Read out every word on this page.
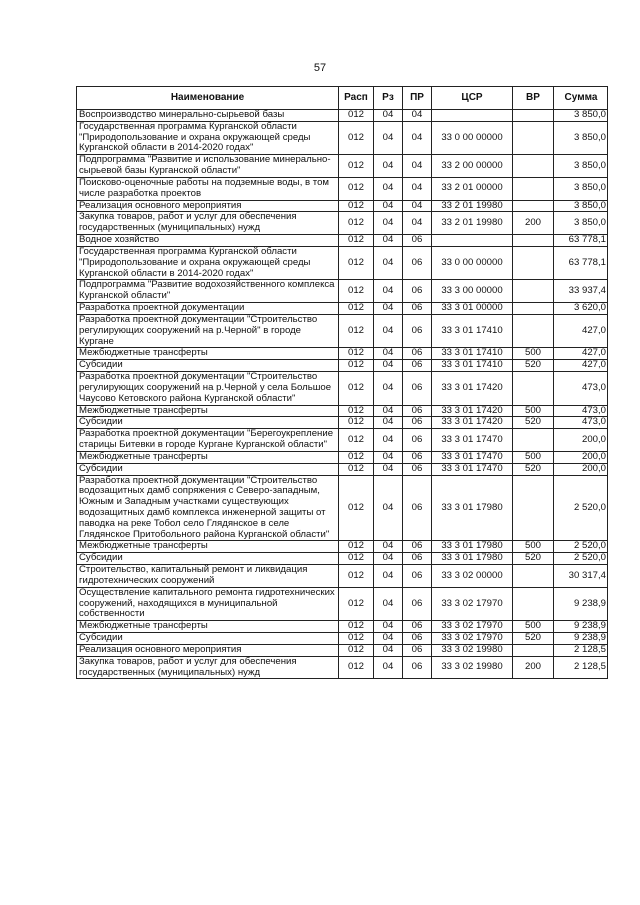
57
Наименование	Расп	Рз	ПР	ЦСР	ВР	Сумма
Воспроизводство минерально-сырьевой базы	012	04	04			3 850,0
Государственная программа Курганской области "Природопользование и охрана окружающей среды Курганской области в 2014-2020 годах"	012	04	04	33 0 00 00000		3 850,0
Подпрограмма "Развитие и использование минерально-сырьевой базы Курганской области"	012	04	04	33 2 00 00000		3 850,0
Поисково-оценочные работы на подземные воды, в том числе разработка проектов	012	04	04	33 2 01 00000		3 850,0
Реализация основного мероприятия	012	04	04	33 2 01 19980		3 850,0
Закупка товаров, работ и услуг для обеспечения государственных (муниципальных) нужд	012	04	04	33 2 01 19980	200	3 850,0
Водное хозяйство	012	04	06			63 778,1
Государственная программа Курганской области "Природопользование и охрана окружающей среды Курганской области в 2014-2020 годах"	012	04	06	33 0 00 00000		63 778,1
Подпрограмма "Развитие водохозяйственного комплекса Курганской области"	012	04	06	33 3 00 00000		33 937,4
Разработка проектной документации	012	04	06	33 3 01 00000		3 620,0
Разработка проектной документации "Строительство регулирующих сооружений на р.Черной" в городе Кургане	012	04	06	33 3 01 17410		427,0
Межбюджетные трансферты	012	04	06	33 3 01 17410	500	427,0
Субсидии	012	04	06	33 3 01 17410	520	427,0
Разработка проектной документации "Строительство регулирующих сооружений на р.Черной у села Большое Чаусово Кетовского района Курганской области"	012	04	06	33 3 01 17420		473,0
Межбюджетные трансферты	012	04	06	33 3 01 17420	500	473,0
Субсидии	012	04	06	33 3 01 17420	520	473,0
Разработка проектной документации "Берегоукрепление старицы Битевки в городе Кургане Курганской области"	012	04	06	33 3 01 17470		200,0
Межбюджетные трансферты	012	04	06	33 3 01 17470	500	200,0
Субсидии	012	04	06	33 3 01 17470	520	200,0
Разработка проектной документации "Строительство водозащитных дамб сопряжения с Северо-западным, Южным и Западным участками существующих водозащитных дамб комплекса инженерной защиты от паводка на реке Тобол село Глядянское в селе Глядянское Притобольного района Курганской области"	012	04	06	33 3 01 17980		2 520,0
Межбюджетные трансферты	012	04	06	33 3 01 17980	500	2 520,0
Субсидии	012	04	06	33 3 01 17980	520	2 520,0
Строительство, капитальный ремонт и ликвидация гидротехнических сооружений	012	04	06	33 3 02 00000		30 317,4
Осуществление капитального ремонта гидротехнических сооружений, находящихся в муниципальной собственности	012	04	06	33 3 02 17970		9 238,9
Межбюджетные трансферты	012	04	06	33 3 02 17970	500	9 238,9
Субсидии	012	04	06	33 3 02 17970	520	9 238,9
Реализация основного мероприятия	012	04	06	33 3 02 19980		2 128,5
Закупка товаров, работ и услуг для обеспечения государственных (муниципальных) нужд	012	04	06	33 3 02 19980	200	2 128,5
